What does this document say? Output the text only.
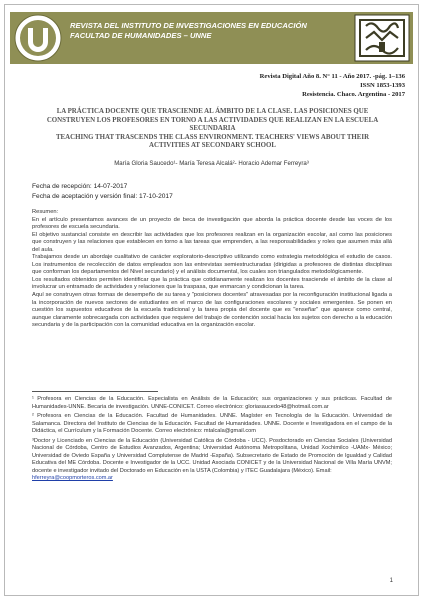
REVISTA DEL INSTITUTO DE INVESTIGACIONES EN EDUCACIÓN
FACULTAD DE HUMANIDADES – UNNE
Revista Digital Año 8. N° 11 - Año 2017. -pág. 1–136
ISSN 1853-1393
Resistencia. Chaco. Argentina - 2017

LA PRÁCTICA DOCENTE QUE TRASCIENDE AL ÁMBITO DE LA CLASE. LAS POSICIONES QUE CONSTRUYEN LOS PROFESORES EN TORNO A LAS ACTIVIDADES QUE REALIZAN EN LA ESCUELA SECUNDARIA

TEACHING THAT TRASCENDS THE CLASS ENVIRONMENT. TEACHERS' VIEWS ABOUT THEIR ACTIVITIES AT SECONDARY SCHOOL

María Gloria Saucedo¹- María Teresa Alcalá²- Horacio Ademar Ferreyra³
Fecha de recepción: 14-07-2017
Fecha de aceptación y versión final: 17-10-2017

Resumen:

En el artículo presentamos avances de un proyecto de beca de investigación que aborda la práctica docente desde las voces de los profesores de escuela secundaria.

El objetivo sustancial consiste en describir las actividades que los profesores realizan en la organización escolar, así como las posiciones que construyen y las relaciones que establecen en torno a las tareas que emprenden, a las responsabilidades y roles que asumen más allá del aula.

Trabajamos desde un abordaje cualitativo de carácter exploratorio-descriptivo utilizando como estrategia metodológica el estudio de casos. Los instrumentos de recolección de datos empleados son las entrevistas semiestructuradas (dirigidas a profesores de distintas disciplinas que conforman los departamentos del Nivel secundario) y el análisis documental, los cuales son triangulados metodológicamente.

Los resultados obtenidos permiten identificar que la práctica que cotidianamente realizan los docentes trasciende el ámbito de la clase al involucrar un entramado de actividades y relaciones que la traspasa, que enmarcan y condicionan la tarea.

Aquí se construyen otras formas de desempeño de su tarea y "posiciones docentes" atravesadas por la reconfiguración institucional ligada a la incorporación de nuevos sectores de estudiantes en el marco de las configuraciones escolares y sociales emergentes. Se ponen en cuestión los supuestos educativos de la escuela tradicional y la tarea propia del docente que es "enseñar" que aparece como central, aunque claramente sobrecargada con actividades que requiere del trabajo de contención social hacia los sujetos con derecho a la educación secundaria y de la participación con la comunidad educativa en la organización escolar.

¹ Profesora en Ciencias de la Educación. Especialista en Análisis de la Educación; sus organizaciones y sus prácticas. Facultad de Humanidades-UNNE. Becaria de investigación. UNNE-CONICET. Correo electrónico: gloriasaucedo48@hotmail.com.ar

² Profesora en Ciencias de la Educación. Facultad de Humanidades. UNNE. Magíster en Tecnología de la Educación. Universidad de Salamanca. Directora del Instituto de Ciencias de la Educación. Facultad de Humanidades. UNNE. Docente e Investigadora en el campo de la Didáctica, el Currículum y la Formación Docente. Correo electrónico: mtalcala@gmail.com

³Doctor y Licenciado en Ciencias de la Educación (Universidad Católica de Córdoba - UCC). Posdoctorado en Ciencias Sociales (Universidad Nacional de Córdoba, Centro de Estudios Avanzados, Argentina; Universidad Autónoma Metropolitana, Unidad Xochimilco -UAMx- México; Universidad de Oviedo España y Universidad Complutense de Madrid -España). Subsecretario de Estado de Promoción de Igualdad y Calidad Educativa del ME Córdoba. Docente e Investigador de la UCC. Unidad Asociada CONICET y de la Universidad Nacional de Villa María UNVM; docente e investigador invitado del Doctorado en Educación en la USTA (Colombia) y ITEC Guadalajara (México). Email:
hferreyra@coopmorteros.com.ar

1
